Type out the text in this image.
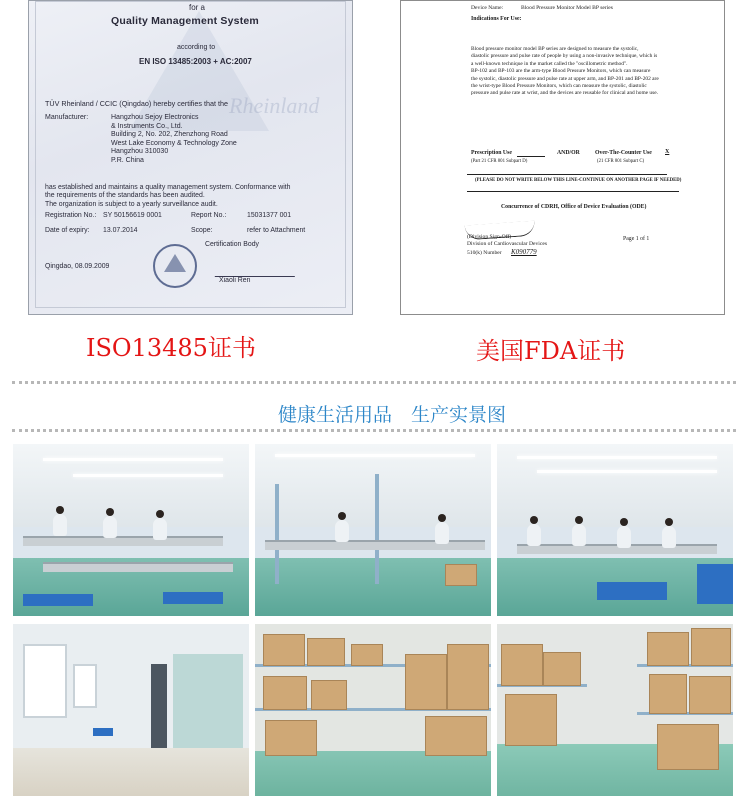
Rheinland
for a
Quality Management System
according to
EN ISO 13485:2003 + AC:2007
TÜV Rheinland / CCIC (Qingdao) hereby certifies that the
Manufacturer:	Hangzhou Sejoy Electronics
& Instruments Co., Ltd.
Building 2, No. 202, Zhenzhong Road
West Lake Economy & Technology Zone
Hangzhou 310030
P.R. China
has established and maintains a quality management system. Conformance with
the requirements of the standards has been audited.
The organization is subject to a yearly surveillance audit.
Registration No.: SY 50156619 0001	Report No.:	15031377 001
Date of expiry: 13.07.2014	Scope:	refer to Attachment
Certification Body
Xiaoli Ren
Qingdao, 08.09.2009
Device Name:	Blood Pressure Monitor Model BP series
Indications For Use:
Blood pressure monitor model BP series are designed to measure the systolic,
diastolic pressure and pulse rate of people by using a non-invasive technique, which is
a well-known technique in the market called the "oscillometric method".
BP-102 and BP-103 are the arm-type Blood Pressure Monitors, which can measure
the systolic, diastolic pressure and pulse rate at upper arm, and BP-201 and BP-202 are
the wrist-type Blood Pressure Monitors, which can measure the systolic, diastolic
pressure and pulse rate at wrist, and the devices are reusable for clinical and home use.
Prescription Use
(Part 21 CFR 801 Subpart D)
AND/OR	Over-The-Counter Use X
(21 CFR 801 Subpart C)
(PLEASE DO NOT WRITE BELOW THIS LINE-CONTINUE ON ANOTHER PAGE IF NEEDED)
Concurrence of CDRH, Office of Device Evaluation (ODE)
(Division Sign-Off)
Division of Cardiovascular Devices
510(k) Number K090779
Page 1 of 1
ISO13485证书	美国FDA证书
健康生活用品　生产实景图
